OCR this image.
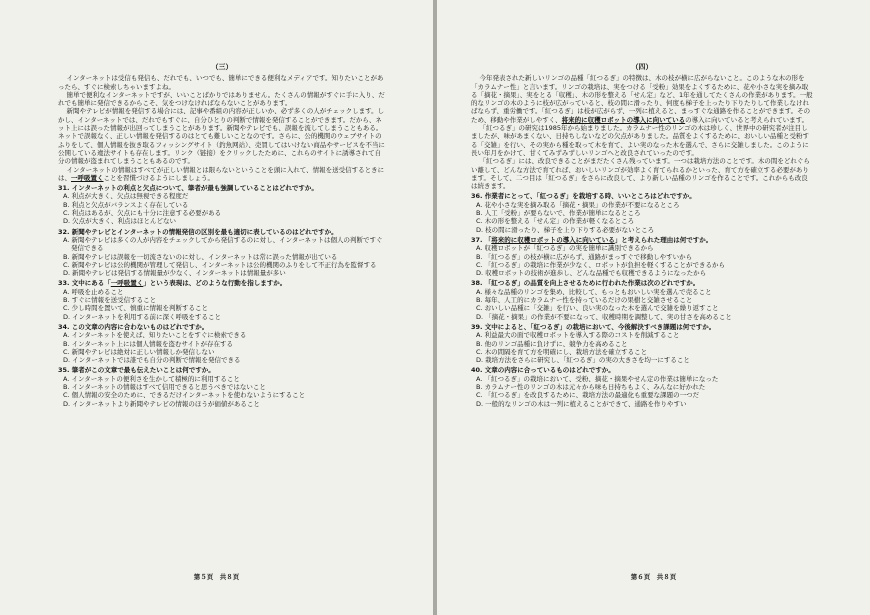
（三）
インターネットは受信も発信も、だれでも、いつでも、簡単にできる便利なメディアです。知りたいことがあったら、すぐに検索しちゃいますよね。
簡単で便利なインターネットですが、いいことばかりではありません。たくさんの情報がすぐに手に入り、だれでも簡単に発信できるからこそ、気をつけなければならないことがあります。
新聞やテレビが情報を発信する場合には、記事や番組の内容が正しいか、必ず多くの人がチェックします。しかし、インターネットでは、だれでもすぐに、自分ひとりの判断で情報を発信することができます。だから、ネット上には誤った情報が出回ってしまうことがあります。新聞やテレビでも、誤報を流してしまうこともある。ネットで誤報なく、正しい情報を発信するのはとても難しいことなのです。さらに、公的機関のウェブサイトのふりをして、個人情報を抜き取るフィッシングサイト（釣魚网站）、売買してはいけない商品やサービスを不当に公開している違法サイトも存在します。リンク（链接）をクリックしたために、これらのサイトに誘導されて自分の情報が盗まれてしまうこともあるのです。
インターネットの情報はすべてが正しい情報とは限らないということを頭に入れて、情報を送受信するときには、一呼吸置くことを習慣づけるようにしましょう。
31. インターネットの利点と欠点について、筆者が最も強調していることはどれですか。
A. 利点が大きく、欠点は無視できる程度だ
B. 利点と欠点がバランスよく存在している
C. 利点はあるが、欠点にも十分に注意する必要がある
D. 欠点が大きく、利点はほとんどない
32. 新聞やテレビとインターネットの情報発信の区別を最も適切に表しているのはどれですか。
A. 新聞やテレビは多くの人が内容をチェックしてから発信するのに対し、インターネットは個人の判断ですぐ発信できる
B. 新聞やテレビは誤報を一切流さないのに対し、インターネットは常に誤った情報が出ている
C. 新聞やテレビは公的機関が管理して発信し、インターネットは公的機関のふりをして不正行為を監督する
D. 新聞やテレビは発信する情報量が少なく、インターネットは情報量が多い
33. 文中にある「一呼吸置く」という表現は、どのような行動を指しますか。
A. 呼吸を止めること
B. すぐに情報を送受信すること
C. 少し時間を置いて、慎重に情報を判断すること
D. インターネットを利用する前に深く呼吸をすること
34. この文章の内容に合わないものはどれですか。
A. インターネットを使えば、知りたいことをすぐに検索できる
B. インターネット上には個人情報を盗むサイトが存在する
C. 新聞やテレビは絶対に正しい情報しか発信しない
D. インターネットでは誰でも自分の判断で情報を発信できる
35. 筆者がこの文章で最も伝えたいことは何ですか。
A. インターネットの便利さを生かして積極的に利用すること
B. インターネットの情報はすべて信用できると思うべきではないこと
C. 個人情報の安全のために、できるだけインターネットを使わないようにすること
D. インターネットより新聞やテレビの情報のほうが価値があること
第５页　共８页
（四）
今年発表された新しいリンゴの品種「紅つるぎ」の特徴は、木の枝が横に広がらないこと。このような木の形を「カラムナー性」と言います。リンゴの栽培は、実をつける「受粉」効果をよくするために、花や小さな実を摘み取る「摘花・摘果」、実をとる「収穫」、木の形を整える「せん定」など、1年を通してたくさんの作業があります。一般的なリンゴの木のように枝が広がっていると、枝の間に滑ったり、何度も梯子を上ったり下りたりして作業しなければならず、重労働です。「紅つるぎ」は枝が広がらず、一列に植えると、まっすぐな通路を作ることができます。そのため、移動や作業がしやすく、将来的に収穫ロボットの導入に向いているの導入に向いていると考えられています。
「紅つるぎ」の研究は1985年から始まりました。カラムナー性のリンゴの木は珍しく、世界中の研究者が注目しましたが、味があまくない、日持ちしないなどの欠点がありました。品質をよくするために、おいしい品種と受粉する「交雑」を行い、その実から種を取って木を育て、よい実のなった木を選んで、さらに交雑しました。このように長い年月をかけて、甘くてみずみずしいリンゴへと改良されていったのです。
「紅つるぎ」には、改良できることがまだたくさん残っています。一つは栽培方法のことです。木の間をどれぐらい離して、どんな方法で育てれば、おいしいリンゴが効率よく育てられるかといった、育て方を確立する必要があります。そして、二つ目は「紅つるぎ」をさらに改良して、より新しい品種のリンゴを作ることです。これからも改良は続きます。
36. 作業者にとって、「紅つるぎ」を栽培する時、いいところはどれですか。
A. 花や小さな実を摘み取る「摘花・摘果」の作業が不要になるところ
B. 人工「受粉」が要らないで、作業が簡単になるところ
C. 木の形を整える「せん定」の作業が軽くなるところ
D. 枝の間に滑ったり、梯子を上り下りする必要がないところ
37. 「将来的に収穫ロボットの導入に向いている」と考えられた理由は何ですか。
A. 収穫ロボットが「紅つるぎ」の実を簡単に識別できるから
B. 「紅つるぎ」の枝が横に広がらず、通路がまっすぐで移動しやすいから
C. 「紅つるぎ」の栽培に作業が少なく、ロボットが負担を軽くすることができるから
D. 収穫ロボットの技術が進歩し、どんな品種でも収穫できるようになったから
38. 「紅つるぎ」の品質を向上させるために行われた作業は次のどれですか。
A. 様々な品種のリンゴを集め、比較して、もっともおいしい実を選んで売ること
B. 毎年、人工的にカラムナー性を持っているだけの果樹と交雑させること
C. おいしい品種に「交雑」を行い、良い実のなった木を選んで交雑を繰り返すこと
D. 「摘花・摘果」の作業が不要になって、収穫時期を調整して、実の甘さを高めること
39. 文中によると、「紅つるぎ」の栽培において、今後解決すべき課題は何ですか。
A. 利益最大の面で収穫ロボットを導入する際のコストを削減すること
B. 他のリンゴ品種に負けずに、競争力を高めること
C. 木の間隔を育て方を明確にし、栽培方法を確立すること
D. 栽培方法をさらに研究し、「紅つるぎ」の実の大きさを均一にすること
40. 文章の内容に合っているものはどれですか。
A. 「紅つるぎ」の栽培において、受粉、摘花・摘果やせん定の作業は簡単になった
B. カラムナー性のリンゴの木は元々から味も日持ちもよく、みんなに好かれた
C. 「紅つるぎ」を改良するために、栽培方法の最適化も重要な課題の一つだ
D. 一般的なリンゴの木は一列に植えることができて、通路を作りやすい
第６页　共８页
